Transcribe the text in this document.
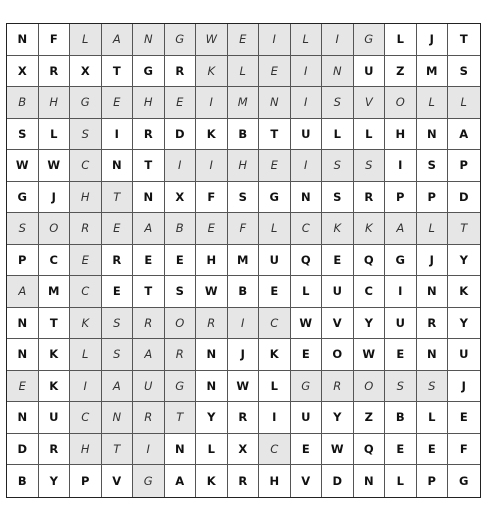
N	F	L	A	N	G	W	E	I	L	I	G	L	J	T
X	R	X	T	G	R	K	L	E	I	N	U	Z	M	S
B	H	G	E	H	E	I	M	N	I	S	V	O	L	L
S	L	S	I	R	D	K	B	T	U	L	L	H	N	A
W	W	C	N	T	I	I	H	E	I	S	S	I	S	P
G	J	H	T	N	X	F	S	G	N	S	R	P	P	D
S	O	R	E	A	B	E	F	L	C	K	K	A	L	T
P	C	E	R	E	E	H	M	U	Q	E	Q	G	J	Y
A	M	C	E	T	S	W	B	E	L	U	C	I	N	K
N	T	K	S	R	O	R	I	C	W	V	Y	U	R	Y
N	K	L	S	A	R	N	J	K	E	O	W	E	N	U
E	K	I	A	U	G	N	W	L	G	R	O	S	S	J
N	U	C	N	R	T	Y	R	I	U	Y	Z	B	L	E
D	R	H	T	I	N	L	X	C	E	W	Q	E	E	F
B	Y	P	V	G	A	K	R	H	V	D	N	L	P	G
